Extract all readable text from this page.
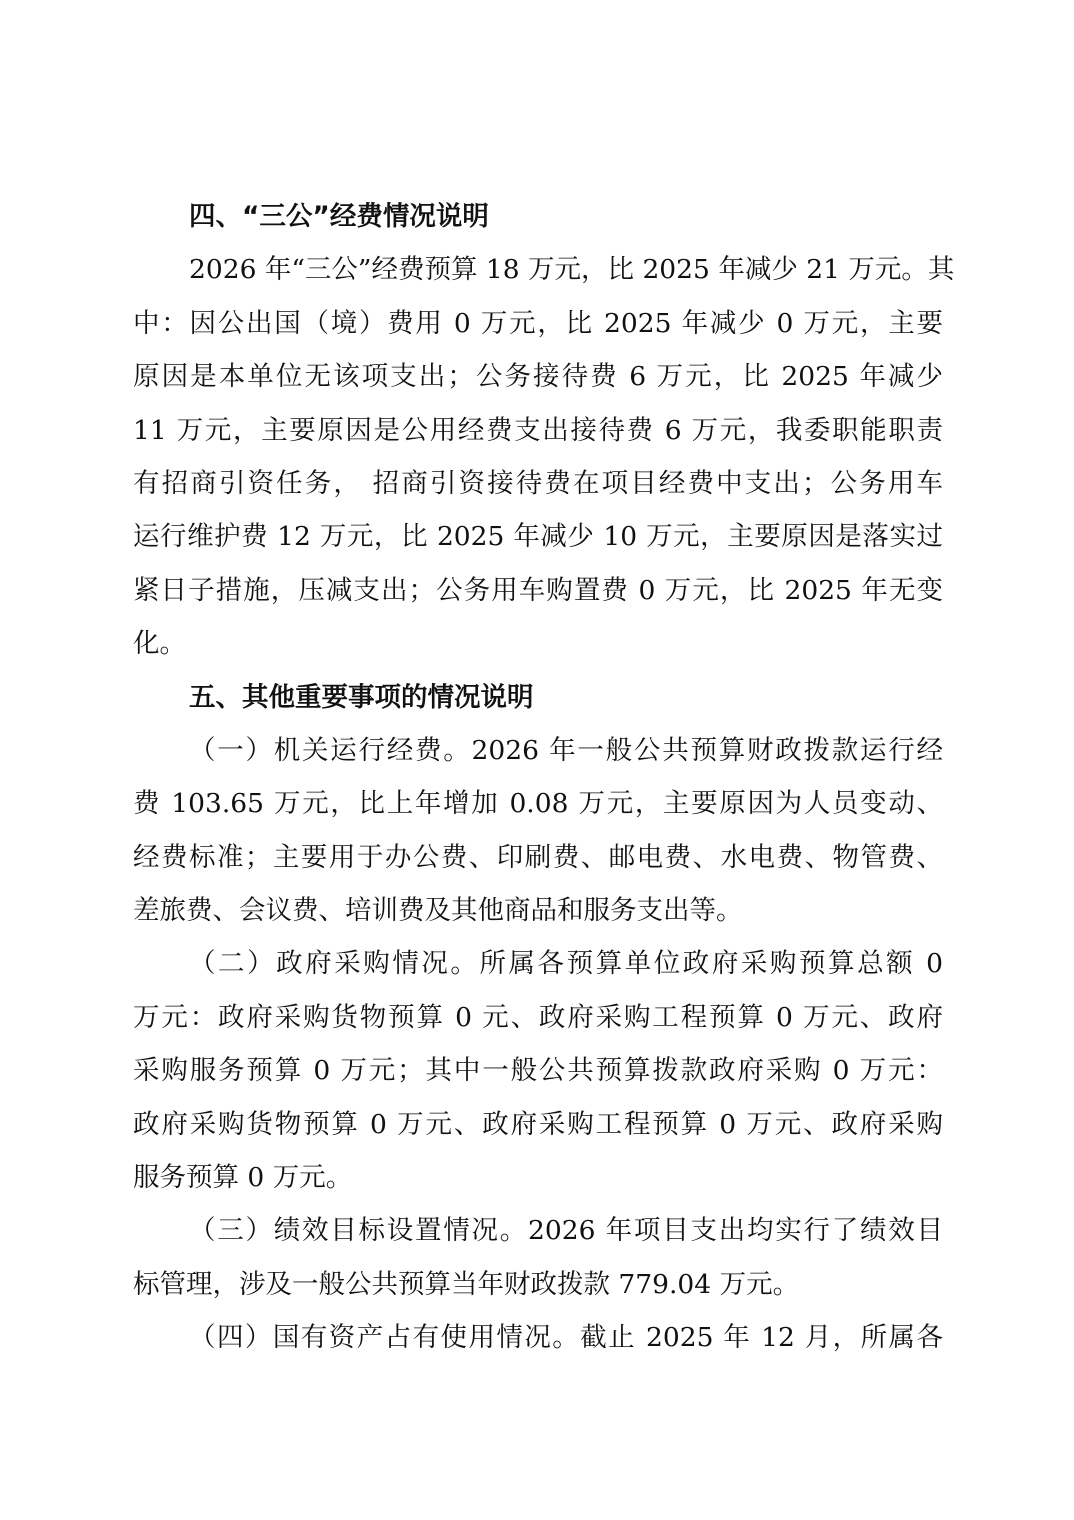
四、“三公”经费情况说明
2026 年“三公”经费预算 18 万元，比 2025 年减少 21 万元。其
中：因公出国（境）费用 0 万元，比 2025 年减少 0 万元，主要
原因是本单位无该项支出；公务接待费 6 万元，比 2025 年减少
11 万元，主要原因是公用经费支出接待费 6 万元，我委职能职责
有招商引资任务， 招商引资接待费在项目经费中支出；公务用车
运行维护费 12 万元，比 2025 年减少 10 万元，主要原因是落实过
紧日子措施，压减支出；公务用车购置费 0 万元，比 2025 年无变
化。
五、其他重要事项的情况说明
（一）机关运行经费。2026 年一般公共预算财政拨款运行经
费 103.65 万元，比上年增加 0.08 万元，主要原因为人员变动、
经费标准；主要用于办公费、印刷费、邮电费、水电费、物管费、
差旅费、会议费、培训费及其他商品和服务支出等。
（二）政府采购情况。所属各预算单位政府采购预算总额 0
万元：政府采购货物预算 0 元、政府采购工程预算 0 万元、政府
采购服务预算 0 万元；其中一般公共预算拨款政府采购 0 万元：
政府采购货物预算 0 万元、政府采购工程预算 0 万元、政府采购
服务预算 0 万元。
（三）绩效目标设置情况。2026 年项目支出均实行了绩效目
标管理，涉及一般公共预算当年财政拨款 779.04 万元。
（四）国有资产占有使用情况。截止 2025 年 12 月，所属各
